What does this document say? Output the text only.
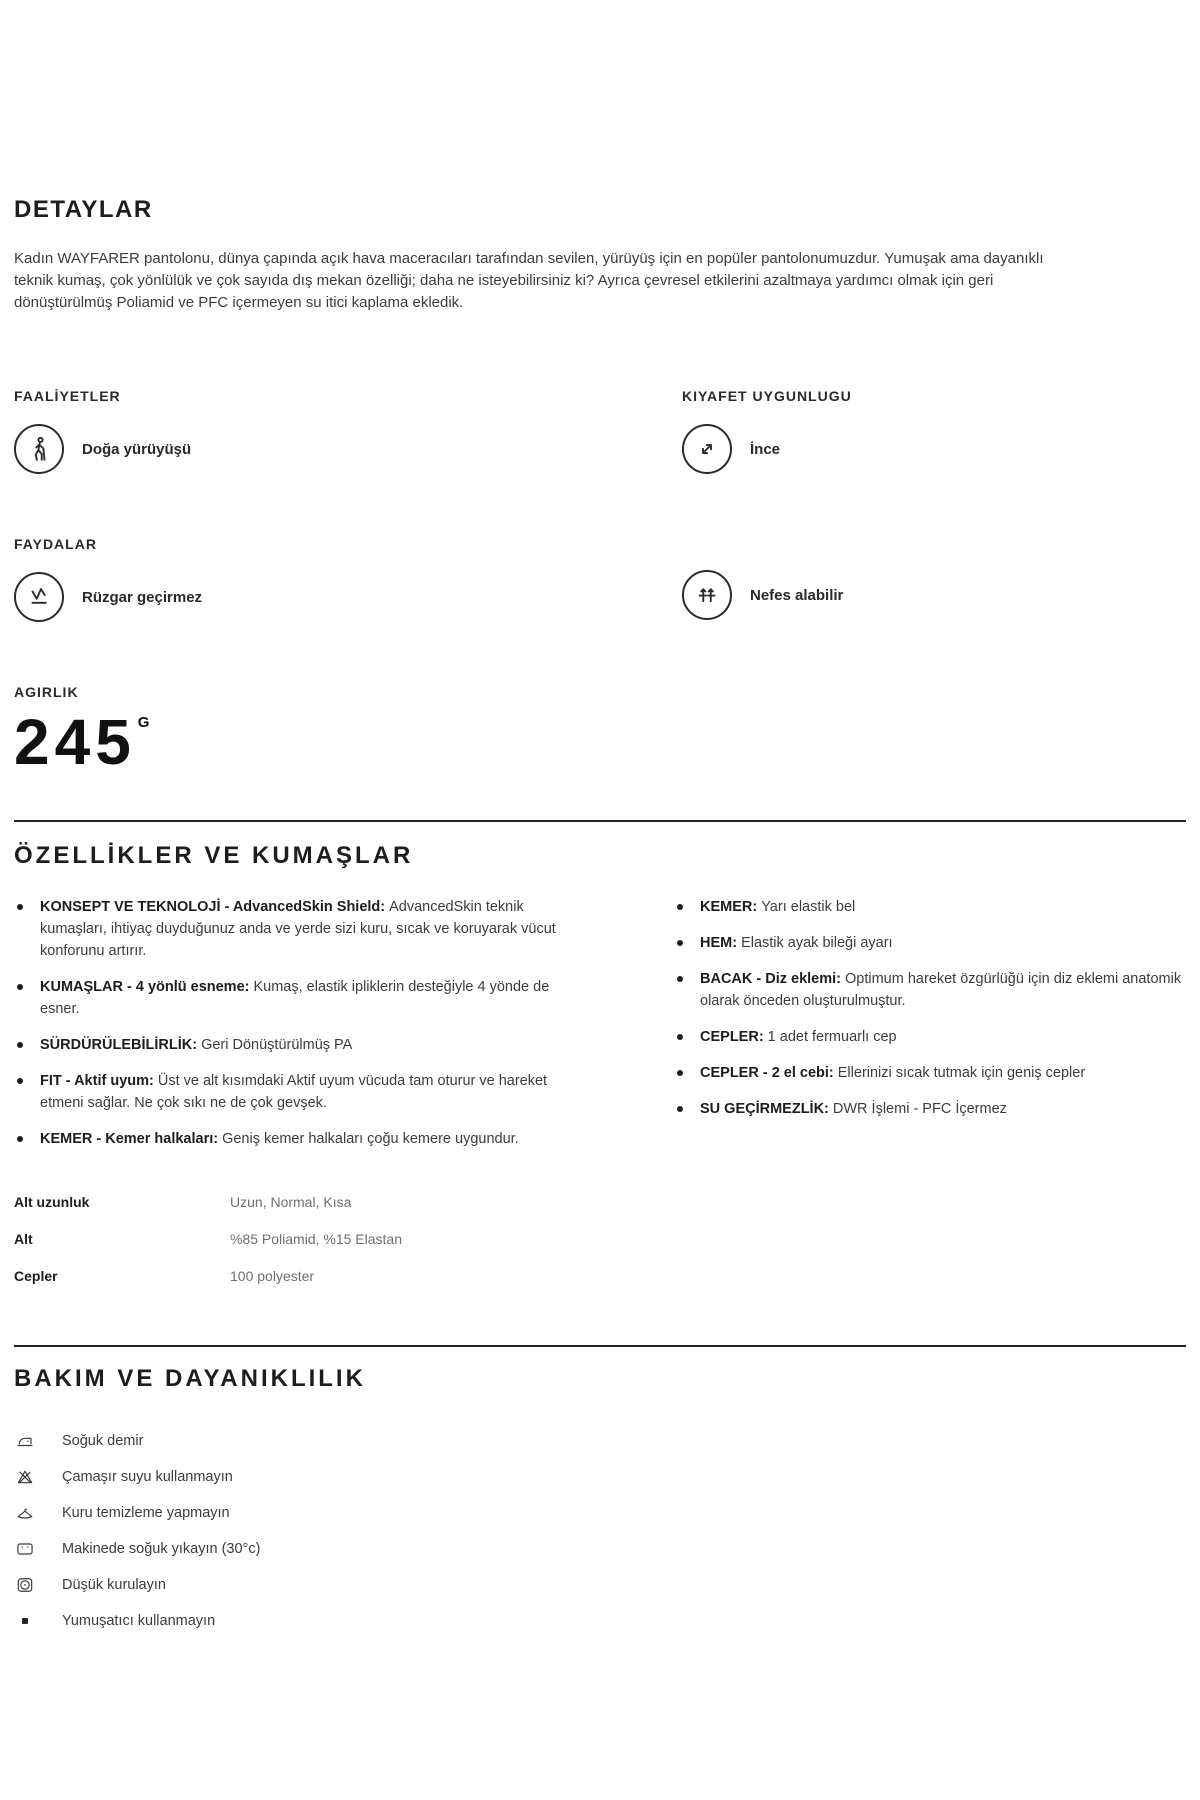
DETAYLAR

Kadın WAYFARER pantolonu, dünya çapında açık hava maceracıları tarafından sevilen, yürüyüş için en popüler pantolonumuzdur. Yumuşak ama dayanıklı teknik kumaş, çok yönlülük ve çok sayıda dış mekan özelliği; daha ne isteyebilirsiniz ki? Ayrıca çevresel etkilerini azaltmaya yardımcı olmak için geri dönüştürülmüş Poliamid ve PFC içermeyen su itici kaplama ekledik.

FAALİYETLER
Doğa yürüyüşü
KIYAFET UYGUNLUGU
İnce
FAYDALAR
Rüzgar geçirmez	Nefes alabilir
AGIRLIK
245 G
ÖZELLİKLER VE KUMAŞLAR
KONSEPT VE TEKNOLOJİ - AdvancedSkin Shield: AdvancedSkin teknik kumaşları, ihtiyaç duyduğunuz anda ve yerde sizi kuru, sıcak ve koruyarak vücut konforunu artırır.
KUMAŞLAR - 4 yönlü esneme: Kumaş, elastik ipliklerin desteğiyle 4 yönde de esner.
SÜRDÜRÜLEBİLİRLİK: Geri Dönüştürülmüş PA
FIT - Aktif uyum: Üst ve alt kısımdaki Aktif uyum vücuda tam oturur ve hareket etmeni sağlar. Ne çok sıkı ne de çok gevşek.
KEMER - Kemer halkaları: Geniş kemer halkaları çoğu kemere uygundur.
KEMER: Yarı elastik bel
HEM: Elastik ayak bileği ayarı
BACAK - Diz eklemi: Optimum hareket özgürlüğü için diz eklemi anatomik olarak önceden oluşturulmuştur.
CEPLER: 1 adet fermuarlı cep
CEPLER - 2 el cebi: Ellerinizi sıcak tutmak için geniş cepler
SU GEÇİRMEZLİK: DWR İşlemi - PFC İçermez
Alt uzunluk	Uzun, Normal, Kısa
Alt	%85 Poliamid, %15 Elastan
Cepler	100 polyester
BAKIM VE DAYANIKLILIK
Soğuk demir
Çamaşır suyu kullanmayın
Kuru temizleme yapmayın
Makinede soğuk yıkayın (30°c)
Düşük kurulayın
Yumuşatıcı kullanmayın
